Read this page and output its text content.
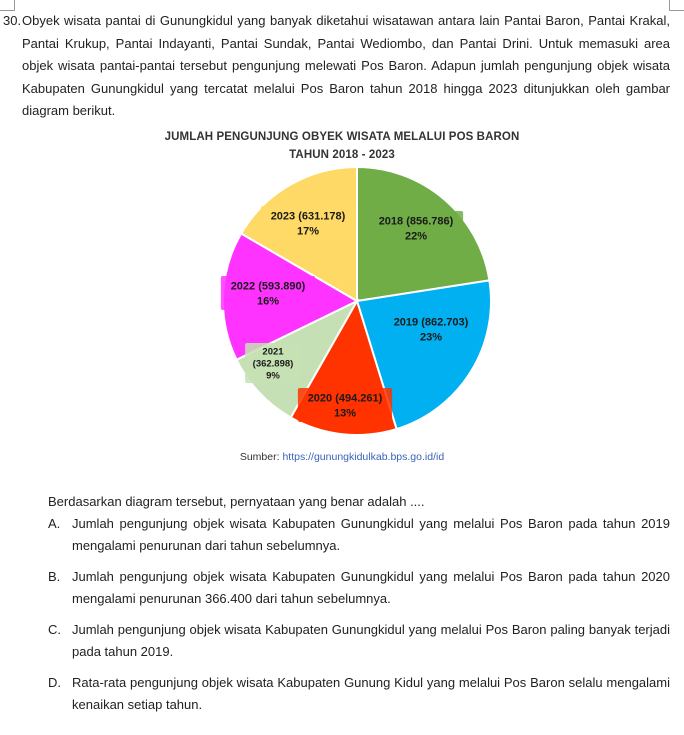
30. Obyek wisata pantai di Gunungkidul yang banyak diketahui wisatawan antara lain Pantai Baron, Pantai Krakal, Pantai Krukup, Pantai Indayanti, Pantai Sundak, Pantai Wediombo, dan Pantai Drini. Untuk memasuki area objek wisata pantai-pantai tersebut pengunjung melewati Pos Baron. Adapun jumlah pengunjung objek wisata Kabupaten Gunungkidul yang tercatat melalui Pos Baron tahun 2018 hingga 2023 ditunjukkan oleh gambar diagram berikut.
JUMLAH PENGUNJUNG OBYEK WISATA MELALUI POS BARON
TAHUN 2018 - 2023
2018 (856.786)
22%
2019 (862.703)
23%
2020 (494.261)
13%
2021
(362.898)
9%
2022 (593.890)
16%
2023 (631.178)
17%
Sumber: https://gunungkidulkab.bps.go.id/id
Berdasarkan diagram tersebut, pernyataan yang benar adalah ....
A. Jumlah pengunjung objek wisata Kabupaten Gunungkidul yang melalui Pos Baron pada tahun 2019 mengalami penurunan dari tahun sebelumnya.
B. Jumlah pengunjung objek wisata Kabupaten Gunungkidul yang melalui Pos Baron pada tahun 2020 mengalami penurunan 366.400 dari tahun sebelumnya.
C. Jumlah pengunjung objek wisata Kabupaten Gunungkidul yang melalui Pos Baron paling banyak terjadi pada tahun 2019.
D. Rata-rata pengunjung objek wisata Kabupaten Gunung Kidul yang melalui Pos Baron selalu mengalami kenaikan setiap tahun.
